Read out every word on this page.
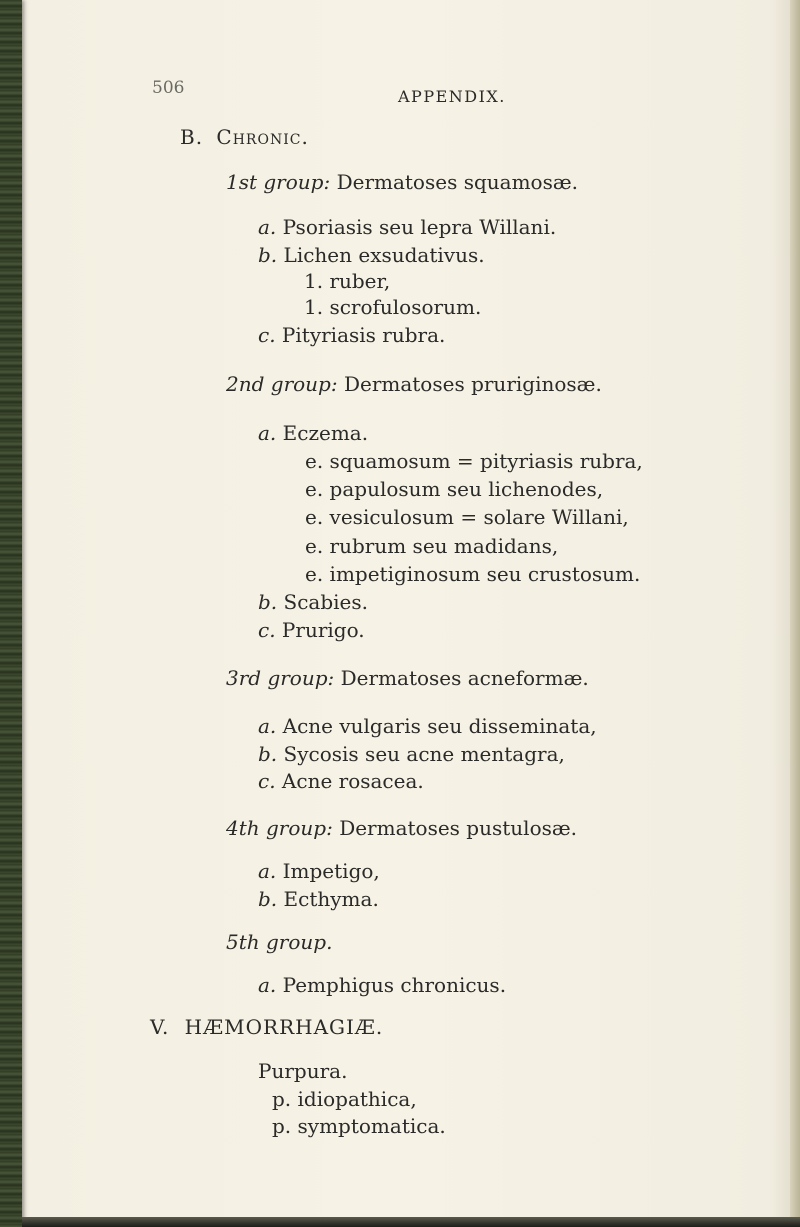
506	APPENDIX.
B. Chronic.
1st group: Dermatoses squamosæ.
a. Psoriasis seu lepra Willani.
b. Lichen exsudativus.
1. ruber,
1. scrofulosorum.
c. Pityriasis rubra.
2nd group: Dermatoses pruriginosæ.
a. Eczema.
e. squamosum = pityriasis rubra,
e. papulosum seu lichenodes,
e. vesiculosum = solare Willani,
e. rubrum seu madidans,
e. impetiginosum seu crustosum.
b. Scabies.
c. Prurigo.
3rd group: Dermatoses acneformæ.
a. Acne vulgaris seu disseminata,
b. Sycosis seu acne mentagra,
c. Acne rosacea.
4th group: Dermatoses pustulosæ.
a. Impetigo,
b. Ecthyma.
5th group.
a. Pemphigus chronicus.
V. HÆMORRHAGIÆ.
Purpura.
p. idiopathica,
p. symptomatica.
